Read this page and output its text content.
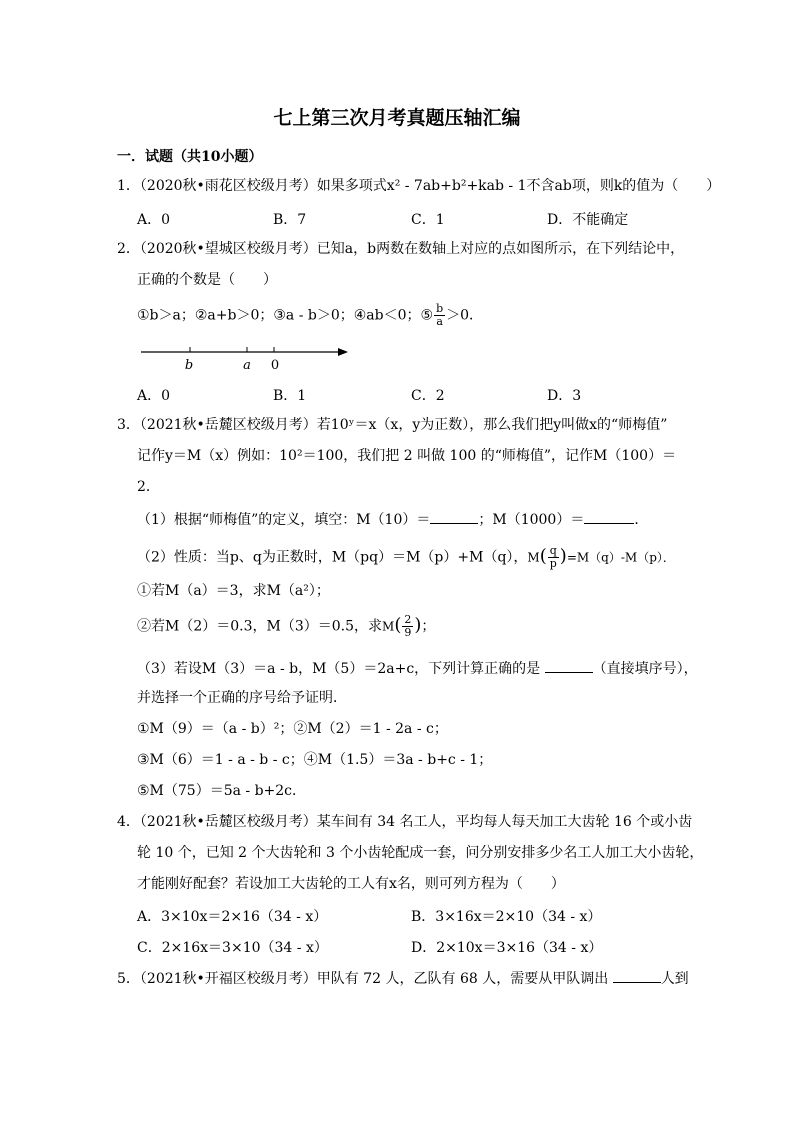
七上第三次月考真题压轴汇编
一．试题（共10小题）
1．（2020秋•雨花区校级月考）如果多项式x² - 7ab+b²+kab - 1不含ab项，则k的值为（　　）
A．0	B．7	C．1	D．不能确定
2．（2020秋•望城区校级月考）已知a，b两数在数轴上对应的点如图所示，在下列结论中，
正确的个数是（　　）
①b＞a；②a+b＞0；③a - b＞0；④ab＜0；⑤ $\frac{b}{a} >0$．
b	a 0
A．0	B．1	C．2	D．3
3．（2021秋•岳麓区校级月考）若10ʸ＝x（x，y为正数），那么我们把y叫做x的“师梅值”
记作y＝M（x）例如：10²＝100，我们把 2 叫做 100 的“师梅值”，记作M（100）＝
2．
（1）根据“师梅值”的定义，填空：M（10）＝	；M（1000）＝	．
（2）性质：当p、q为正数时，M（pq）＝M（p）+M（q），$M( \frac{q}{p} )=M(q)-M(p)$．
①若M（a）＝3，求M（a²）；
②若M（2）＝0.3，M（3）＝0.5，求$M( \frac{2}{9}$ )；
（3）若设M（3）＝a - b，M（5）＝2a+c，下列计算正确的是	（直接填序号），
并选择一个正确的序号给予证明．
①M（9）＝（a - b）²；②M（2）＝1 - 2a - c；
③M（6）＝1 - a - b - c；④M（1.5）＝3a - b+c - 1；
⑤M（75）＝5a - b+2c．
4．（2021秋•岳麓区校级月考）某车间有 34 名工人，平均每人每天加工大齿轮 16 个或小齿
轮 10 个，已知 2 个大齿轮和 3 个小齿轮配成一套，问分别安排多少名工人加工大小齿轮，
才能刚好配套？若设加工大齿轮的工人有x名，则可列方程为（　　）
A．3×10x＝2×16（34 - x）	B．3×16x＝2×10（34 - x）
C．2×16x＝3×10（34 - x）	D．2×10x＝3×16（34 - x）
5．（2021秋•开福区校级月考）甲队有 72 人，乙队有 68 人，需要从甲队调出	人到
